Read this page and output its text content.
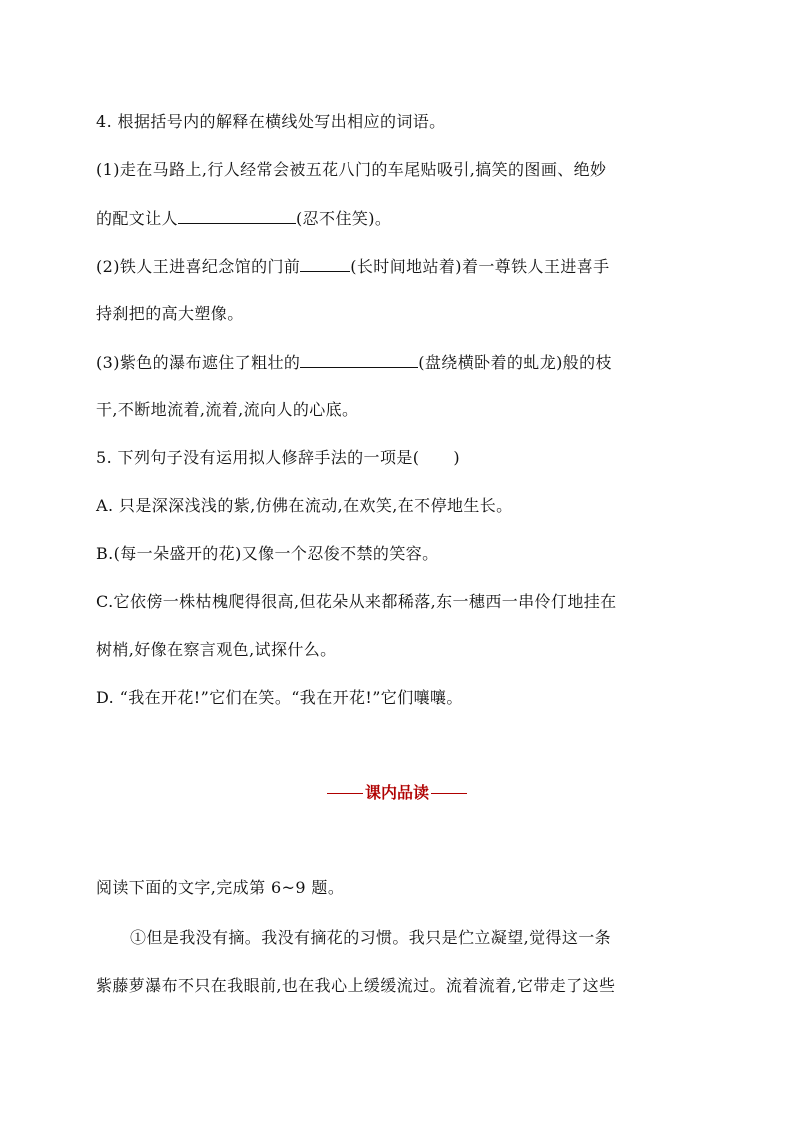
4. 根据括号内的解释在横线处写出相应的词语。
(1)走在马路上,行人经常会被五花八门的车尾贴吸引,搞笑的图画、绝妙
的配文让人	(忍不住笑)。
(2)铁人王进喜纪念馆的门前	(长时间地站着)着一尊铁人王进喜手
持刹把的高大塑像。
(3)紫色的瀑布遮住了粗壮的	(盘绕横卧着的虬龙)般的枝
干,不断地流着,流着,流向人的心底。
5. 下列句子没有运用拟人修辞手法的一项是( )
A. 只是深深浅浅的紫,仿佛在流动,在欢笑,在不停地生长。
B.(每一朵盛开的花)又像一个忍俊不禁的笑容。
C.它依傍一株枯槐爬得很高,但花朵从来都稀落,东一穗西一串伶仃地挂在
树梢,好像在察言观色,试探什么。
D. “我在开花!”它们在笑。“我在开花!”它们嚷嚷。
课内品读
阅读下面的文字,完成第 6~9 题。
①但是我没有摘。我没有摘花的习惯。我只是伫立凝望,觉得这一条
紫藤萝瀑布不只在我眼前,也在我心上缓缓流过。流着流着,它带走了这些
